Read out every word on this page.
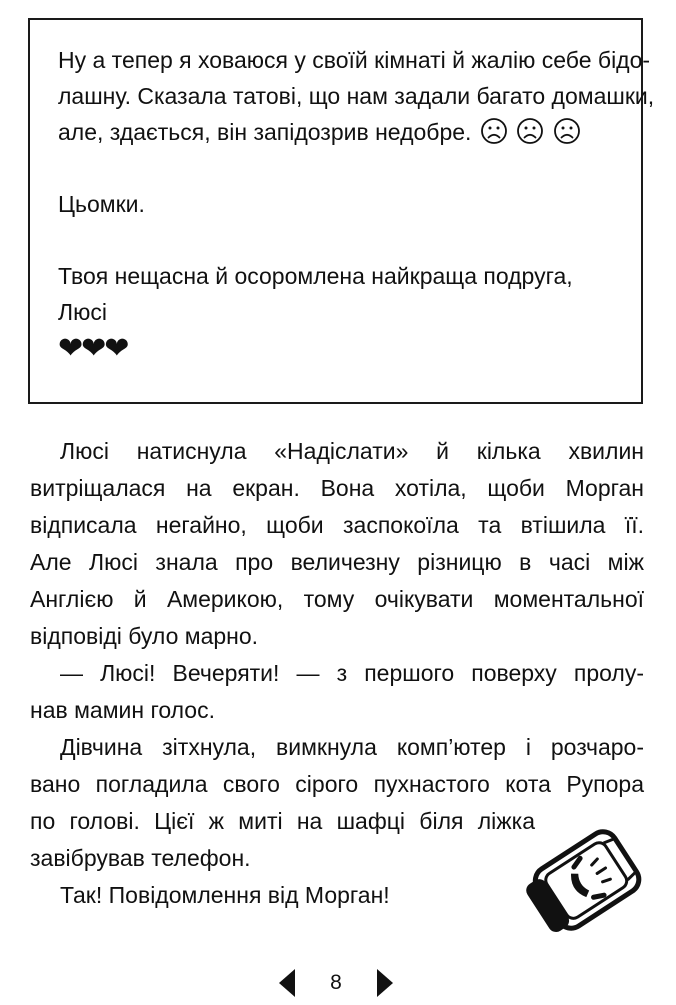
Ну а тепер я ховаюся у своїй кімнаті й жалію себе бідо-
лашну. Сказала татові, що нам задали багато домашки,
але, здається, він запідозрив недобре.
Цьомки.
Твоя нещасна й осоромлена найкраща подруга,
Люсі
❤❤❤
Люсі натиснула «Надіслати» й кілька хвилин
витріщалася на екран. Вона хотіла, щоби Морган
відписала негайно, щоби заспокоїла та втішила її.
Але Люсі знала про величезну різницю в часі між
Англією й Америкою, тому очікувати моментальної
відповіді було марно.
— Люсі! Вечеряти! — з першого поверху пролу-
нав мамин голос.
Дівчина зітхнула, вимкнула комп’ютер і розчаро-
вано погладила свого сірого пухнастого кота Рупора
по голові. Цієї ж миті на шафці біля ліжка
завібрував телефон.
Так! Повідомлення від Морган!
8
